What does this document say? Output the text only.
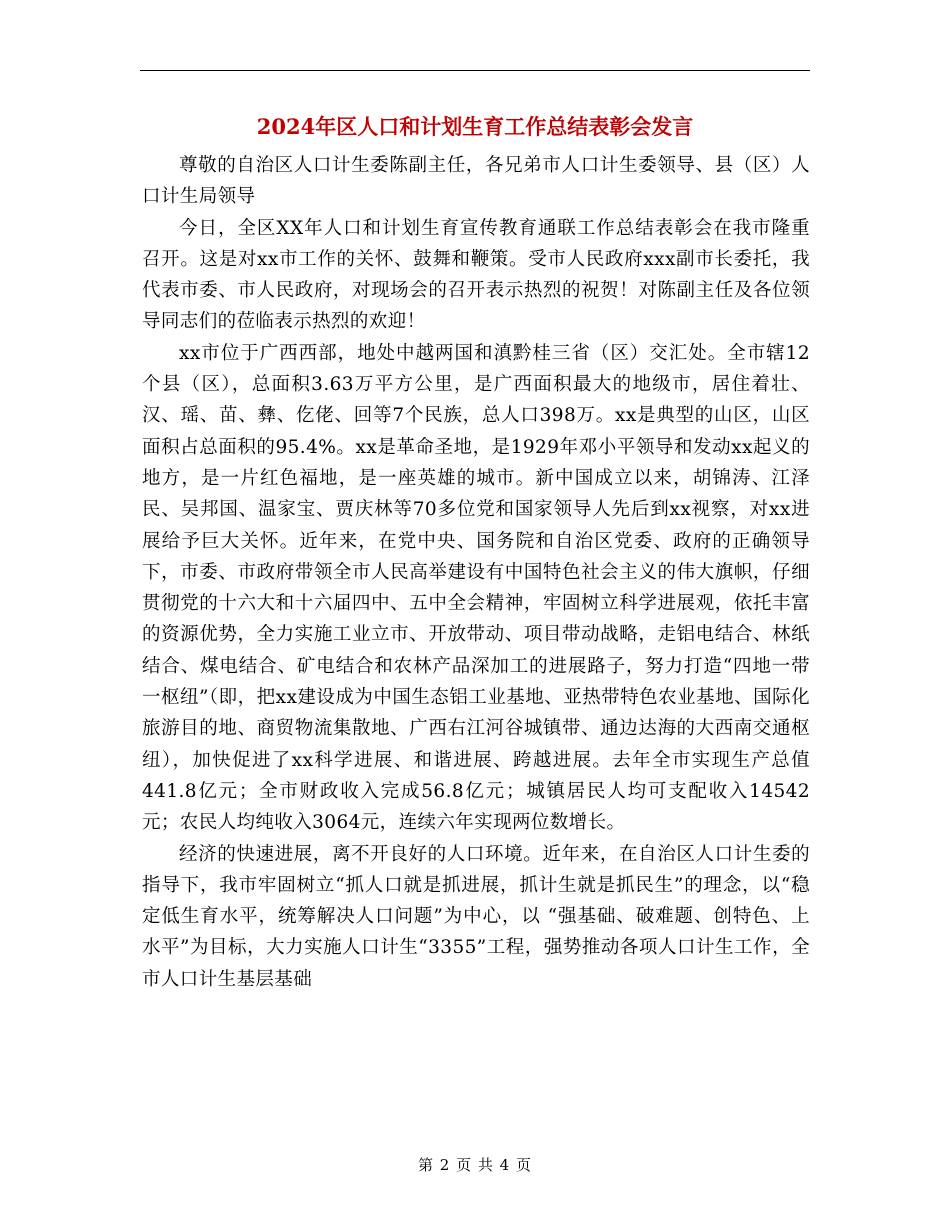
2024年区人口和计划生育工作总结表彰会发言

尊敬的自治区人口计生委陈副主任，各兄弟市人口计生委领导、县（区）人口计生局领导

今日，全区XX年人口和计划生育宣传教育通联工作总结表彰会在我市隆重召开。这是对xx市工作的关怀、鼓舞和鞭策。受市人民政府xxx副市长委托，我代表市委、市人民政府，对现场会的召开表示热烈的祝贺！对陈副主任及各位领导同志们的莅临表示热烈的欢迎！

xx市位于广西西部，地处中越两国和滇黔桂三省（区）交汇处。全市辖12个县（区），总面积3.63万平方公里，是广西面积最大的地级市，居住着壮、汉、瑶、苗、彝、仡佬、回等7个民族，总人口398万。xx是典型的山区，山区面积占总面积的95.4%。xx是革命圣地，是1929年邓小平领导和发动xx起义的地方，是一片红色福地，是一座英雄的城市。新中国成立以来，胡锦涛、江泽民、吴邦国、温家宝、贾庆林等70多位党和国家领导人先后到xx视察，对xx进展给予巨大关怀。近年来，在党中央、国务院和自治区党委、政府的正确领导下，市委、市政府带领全市人民高举建设有中国特色社会主义的伟大旗帜，仔细贯彻党的十六大和十六届四中、五中全会精神，牢固树立科学进展观，依托丰富的资源优势，全力实施工业立市、开放带动、项目带动战略，走铝电结合、林纸结合、煤电结合、矿电结合和农林产品深加工的进展路子，努力打造“四地一带一枢纽”（即，把xx建设成为中国生态铝工业基地、亚热带特色农业基地、国际化旅游目的地、商贸物流集散地、广西右江河谷城镇带、通边达海的大西南交通枢纽），加快促进了xx科学进展、和谐进展、跨越进展。去年全市实现生产总值441.8亿元；全市财政收入完成56.8亿元；城镇居民人均可支配收入14542元；农民人均纯收入3064元，连续六年实现两位数增长。

经济的快速进展，离不开良好的人口环境。近年来，在自治区人口计生委的指导下，我市牢固树立“抓人口就是抓进展，抓计生就是抓民生”的理念，以“稳定低生育水平，统筹解决人口问题”为中心，以 “强基础、破难题、创特色、上水平”为目标，大力实施人口计生“3355”工程，强势推动各项人口计生工作，全市人口计生基层基础

第 2 页 共 4 页
